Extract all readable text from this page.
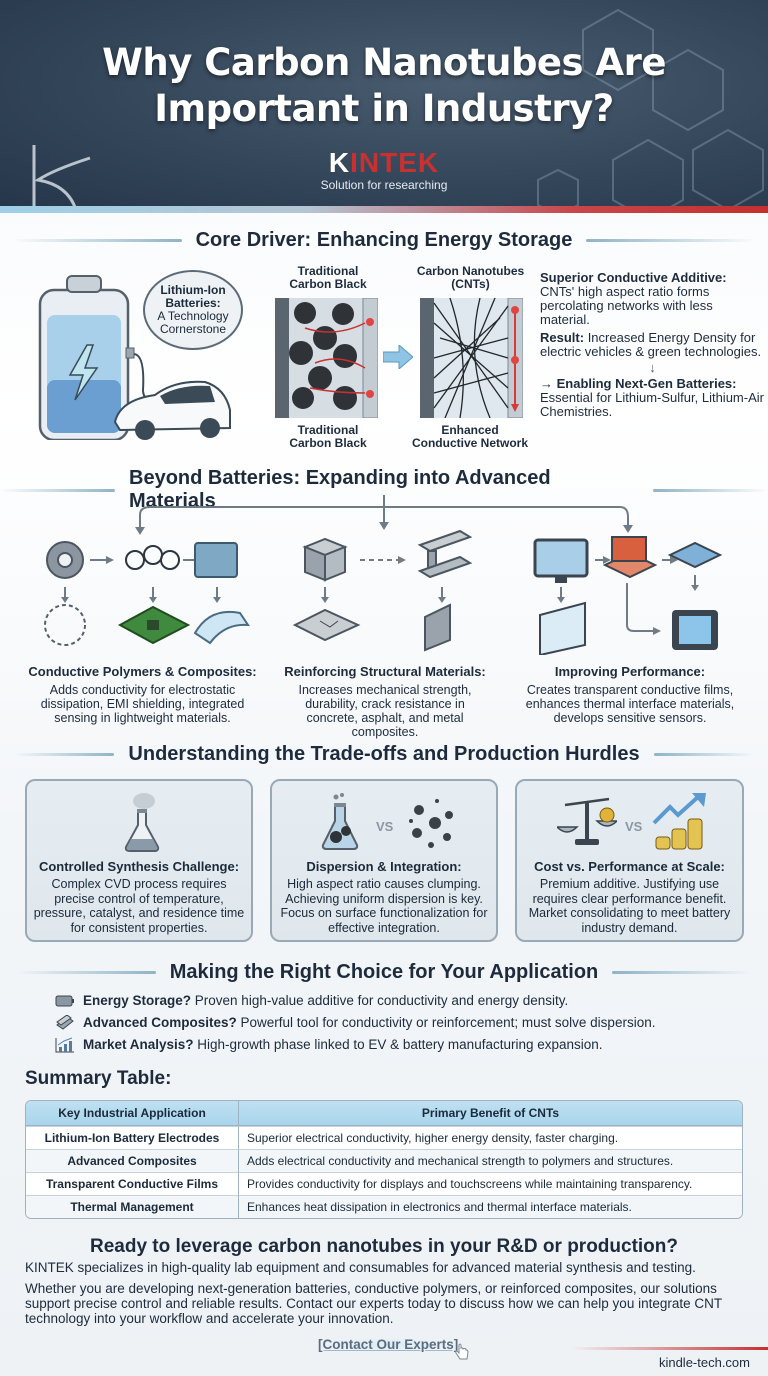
Why Carbon Nanotubes Are
Important in Industry?
KINTEK
Solution for researching
Core Driver: Enhancing Energy Storage
Lithium-Ion Batteries:
A Technology Cornerstone
Traditional Carbon Black
Traditional Carbon Black
Carbon Nanotubes (CNTs)
Enhanced Conductive Network
Superior Conductive Additive:
CNTs' high aspect ratio forms percolating networks with less material.
Result: Increased Energy Density for electric vehicles & green technologies.
↓
→ Enabling Next-Gen Batteries:
Essential for Lithium-Sulfur, Lithium-Air Chemistries.
Beyond Batteries: Expanding into Advanced Materials
Conductive Polymers & Composites:
Adds conductivity for electrostatic dissipation, EMI shielding, integrated sensing in lightweight materials.
Reinforcing Structural Materials:
Increases mechanical strength, durability, crack resistance in concrete, asphalt, and metal composites.
Improving Performance:
Creates transparent conductive films, enhances thermal interface materials, develops sensitive sensors.
Understanding the Trade-offs and Production Hurdles
Controlled Synthesis Challenge:
Complex CVD process requires precise control of temperature, pressure, catalyst, and residence time for consistent properties.
VS
Dispersion & Integration:
High aspect ratio causes clumping. Achieving uniform dispersion is key. Focus on surface functionalization for effective integration.
VS
Cost vs. Performance at Scale:
Premium additive. Justifying use requires clear performance benefit. Market consolidating to meet battery industry demand.
Making the Right Choice for Your Application
Energy Storage? Proven high-value additive for conductivity and energy density.
Advanced Composites? Powerful tool for conductivity or reinforcement; must solve dispersion.
Market Analysis? High-growth phase linked to EV & battery manufacturing expansion.
Summary Table:
Key Industrial Application	Primary Benefit of CNTs
Lithium-Ion Battery Electrodes	Superior electrical conductivity, higher energy density, faster charging.
Advanced Composites	Adds electrical conductivity and mechanical strength to polymers and structures.
Transparent Conductive Films	Provides conductivity for displays and touchscreens while maintaining transparency.
Thermal Management	Enhances heat dissipation in electronics and thermal interface materials.
Ready to leverage carbon nanotubes in your R&D or production?
KINTEK specializes in high-quality lab equipment and consumables for advanced material synthesis and testing.
Whether you are developing next-generation batteries, conductive polymers, or reinforced composites, our solutions support precise control and reliable results. Contact our experts today to discuss how we can help you integrate CNT technology into your workflow and accelerate your innovation.
[Contact Our Experts]
kindle-tech.com
